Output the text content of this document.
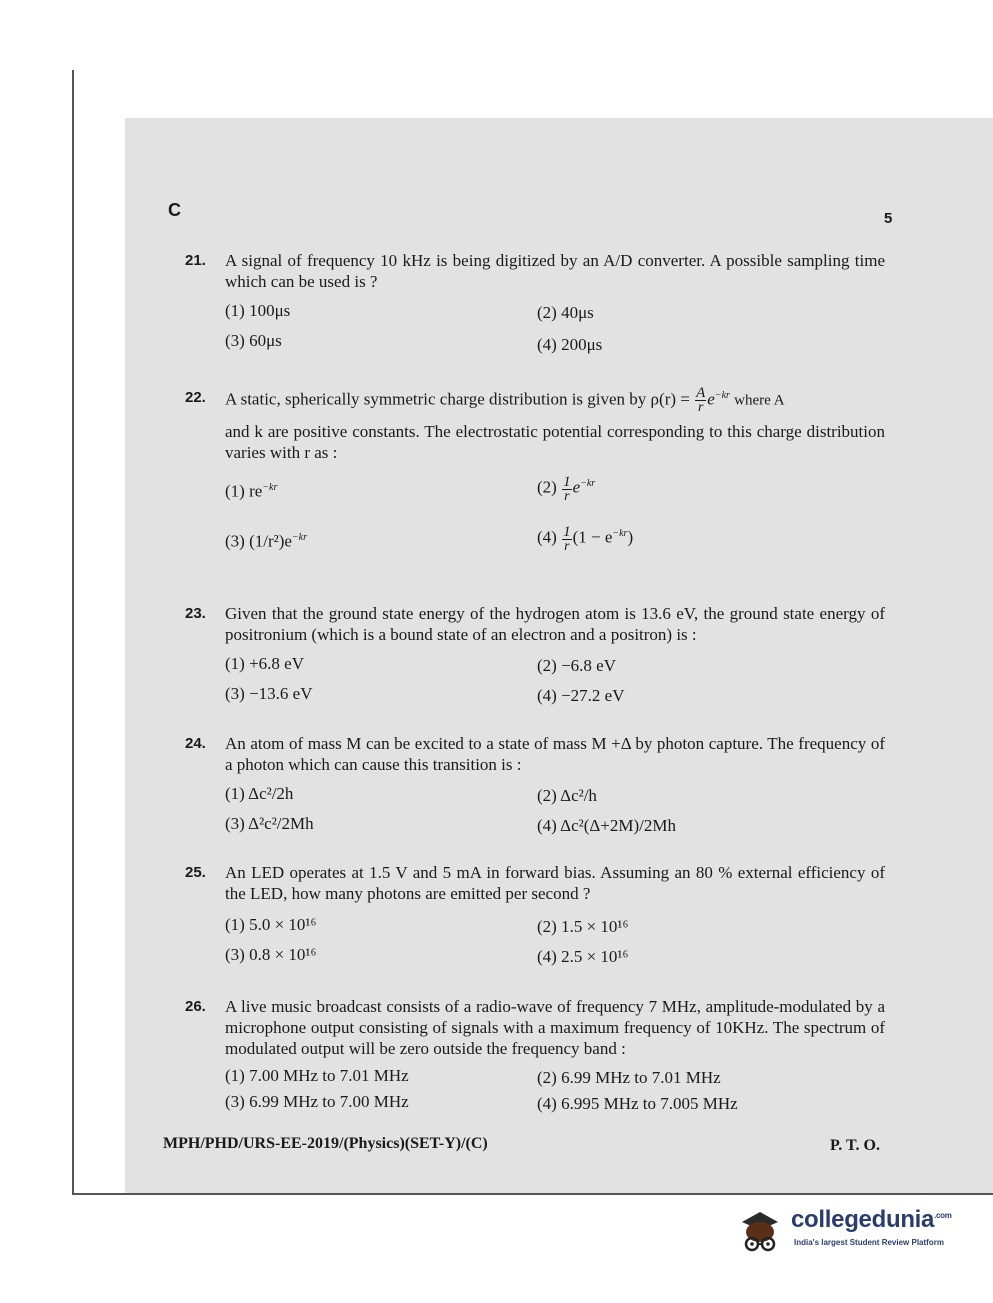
C	5
21. A signal of frequency 10 kHz is being digitized by an A/D converter. A possible sampling time which can be used is ?
(1) 100μs	(2) 40μs
(3) 60μs	(4) 200μs
22. A static, spherically symmetric charge distribution is given by $\rho(r) = \frac{A}{r} e^{-kr}$ where A
and k are positive constants. The electrostatic potential corresponding to this charge distribution varies with r as :
(1) $re^{-kr}$	$(2) \frac{1}{r} e^{-kr}$
(3) $(1/r^2)e^{-kr}$	$(4) \frac{1}{r} (1 - e^{-kr})$
23. Given that the ground state energy of the hydrogen atom is 13.6 eV, the ground state energy of positronium (which is a bound state of an electron and a positron) is :
(1) +6.8 eV	(2) −6.8 eV
(3) −13.6 eV	(4) −27.2 eV
24. An atom of mass M can be excited to a state of mass M +Δ by photon capture. The frequency of a photon which can cause this transition is :
(1) Δc²/2h	(2) Δc²/h
(3) Δ²c²/2Mh	(4) Δc²(Δ+2M)/2Mh
25. An LED operates at 1.5 V and 5 mA in forward bias. Assuming an 80 % external efficiency of the LED, how many photons are emitted per second ?
(1) 5.0 × 10¹⁶	(2) 1.5 × 10¹⁶
(3) 0.8 × 10¹⁶	(4) 2.5 × 10¹⁶
26. A live music broadcast consists of a radio-wave of frequency 7 MHz, amplitude-modulated by a microphone output consisting of signals with a maximum frequency of 10KHz. The spectrum of modulated output will be zero outside the frequency band :
(1) 7.00 MHz to 7.01 MHz	(2) 6.99 MHz to 7.01 MHz
(3) 6.99 MHz to 7.00 MHz	(4) 6.995 MHz to 7.005 MHz
MPH/PHD/URS-EE-2019/(Physics)(SET-Y)/(C)	P. T. O.
collegedunia$^{.com}$
India's largest Student Review Platform
